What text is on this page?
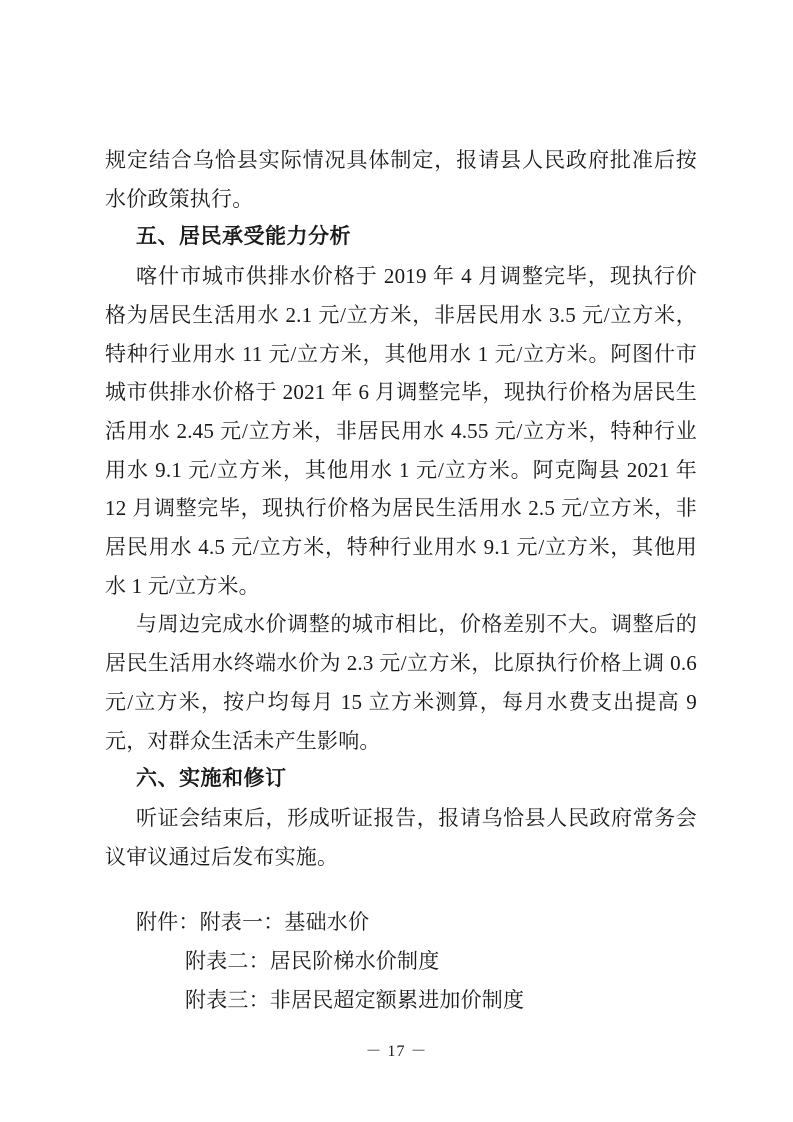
规定结合乌恰县实际情况具体制定，报请县人民政府批准后按水价政策执行。

五、居民承受能力分析

喀什市城市供排水价格于 2019 年 4 月调整完毕，现执行价格为居民生活用水 2.1 元/立方米，非居民用水 3.5 元/立方米，特种行业用水 11 元/立方米，其他用水 1 元/立方米。阿图什市城市供排水价格于 2021 年 6 月调整完毕，现执行价格为居民生活用水 2.45 元/立方米，非居民用水 4.55 元/立方米，特种行业用水 9.1 元/立方米，其他用水 1 元/立方米。阿克陶县 2021 年 12 月调整完毕，现执行价格为居民生活用水 2.5 元/立方米，非居民用水 4.5 元/立方米，特种行业用水 9.1 元/立方米，其他用水 1 元/立方米。

与周边完成水价调整的城市相比，价格差别不大。调整后的居民生活用水终端水价为 2.3 元/立方米，比原执行价格上调 0.6 元/立方米，按户均每月 15 立方米测算，每月水费支出提高 9 元，对群众生活未产生影响。

六、实施和修订

听证会结束后，形成听证报告，报请乌恰县人民政府常务会议审议通过后发布实施。

附件：附表一：基础水价

附表二：居民阶梯水价制度

附表三：非居民超定额累进加价制度

－ 17 －
